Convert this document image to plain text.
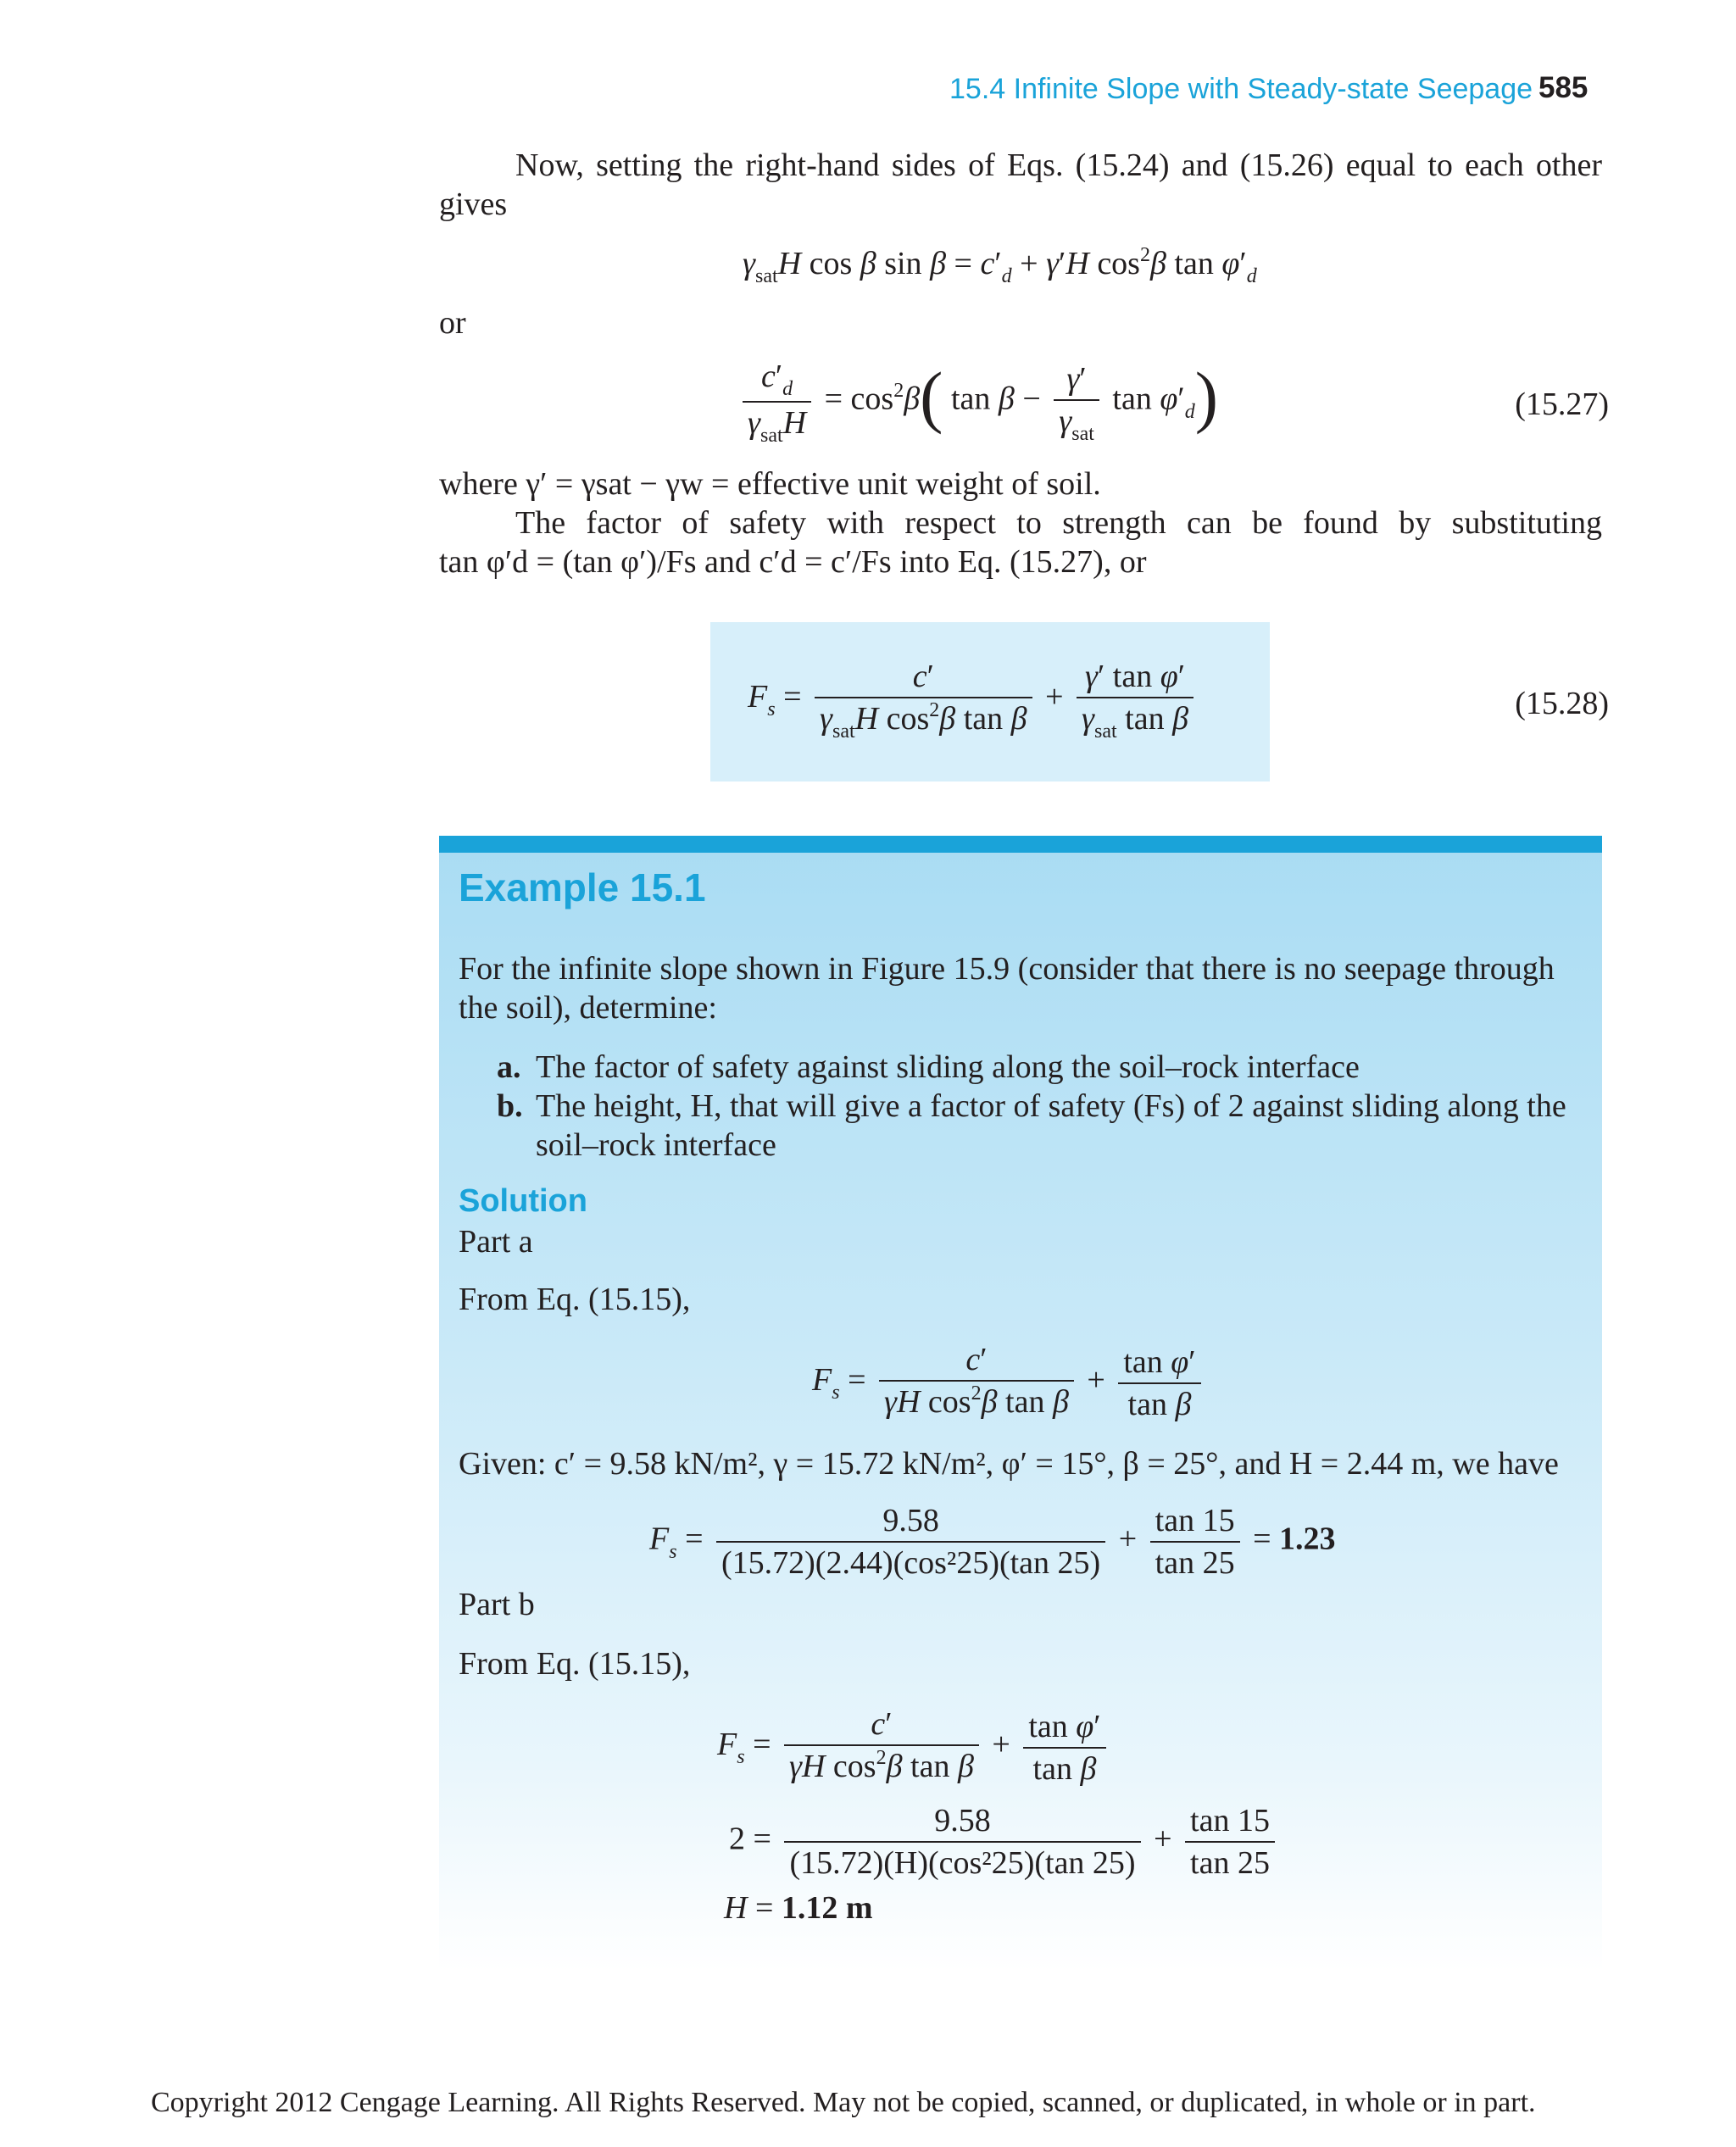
15.4 Infinite Slope with Steady-state Seepage 585
Now, setting the right-hand sides of Eqs. (15.24) and (15.26) equal to each other
gives
$\gamma_{sat}H$ cos β $\sin \beta = c'_d + \gamma'H$ $\cos^2\beta$ $\tan \varphi'_d$
or
$\frac{c'_d}{\gamma_{sat}H} = \cos^2\beta$( $\tan \beta - \frac{\gamma'}{\gamma_{sat}}$ $\tan \varphi'_d$)	(15.27)
where γ′ = γsat − γw = effective unit weight of soil.
The factor of safety with respect to strength can be found by substituting
tan φ′d = (tan φ′)/Fs and c′d = c′/Fs into Eq. (15.27), or
$F_s = \frac{c'}{\gamma_{sat}H \cos^2\beta \tan \beta} + \frac{\text{γ′ tan φ′}}{\gamma_{sat} \tan \beta}$	(15.28)
Example 15.1
For the infinite slope shown in Figure 15.9 (consider that there is no seepage through
the soil), determine:
a. The factor of safety against sliding along the soil–rock interface
b. The height, H, that will give a factor of safety (Fs) of 2 against sliding along the
soil–rock interface
Solution
Part a
From Eq. (15.15),
$F_s = \frac{c'}{\gamma H \cos^2\beta \tan \beta} + \frac{\text{tan φ′}}{\text{tan β}}$
Given: c′ = 9.58 kN/m², γ = 15.72 kN/m², φ′ = 15°, β = 25°, and H = 2.44 m, we have
$F_s = \frac{9.58}{\text{(15.72)(2.44)(cos²25)(tan 25)}} + \frac{\tan 15}{\tan 25} = 1.23$
Part b
From Eq. (15.15),
$F_s = \frac{c'}{\gamma H \cos^2\beta \tan \beta} + \frac{\text{tan φ′}}{\text{tan β}}$
$2 = \frac{9.58}{\text{(15.72)(H)(cos²25)(tan 25)}} + \frac{\tan 15}{\tan 25}$
H = 1.12 m
Copyright 2012 Cengage Learning. All Rights Reserved. May not be copied, scanned, or duplicated, in whole or in part.
